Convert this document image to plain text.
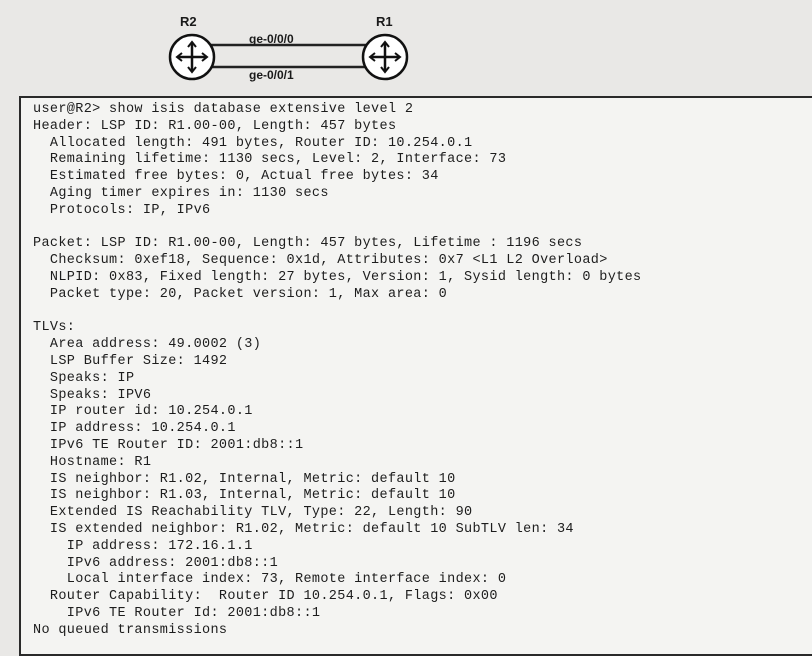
R2	R1
ge-0/0/0
ge-0/0/1
user@R2> show isis database extensive level 2
Header: LSP ID: R1.00-00, Length: 457 bytes
Allocated length: 491 bytes, Router ID: 10.254.0.1
Remaining lifetime: 1130 secs, Level: 2, Interface: 73
Estimated free bytes: 0, Actual free bytes: 34
Aging timer expires in: 1130 secs
Protocols: IP, IPv6
Packet: LSP ID: R1.00-00, Length: 457 bytes, Lifetime : 1196 secs
Checksum: 0xef18, Sequence: 0x1d, Attributes: 0x7 <L1 L2 Overload>
NLPID: 0x83, Fixed length: 27 bytes, Version: 1, Sysid length: 0 bytes
Packet type: 20, Packet version: 1, Max area: 0
TLVs:
Area address: 49.0002 (3)
LSP Buffer Size: 1492
Speaks: IP
Speaks: IPV6
IP router id: 10.254.0.1
IP address: 10.254.0.1
IPv6 TE Router ID: 2001:db8::1
Hostname: R1
IS neighbor: R1.02, Internal, Metric: default 10
IS neighbor: R1.03, Internal, Metric: default 10
Extended IS Reachability TLV, Type: 22, Length: 90
IS extended neighbor: R1.02, Metric: default 10 SubTLV len: 34
IP address: 172.16.1.1
IPv6 address: 2001:db8::1
Local interface index: 73, Remote interface index: 0
Router Capability:  Router ID 10.254.0.1, Flags: 0x00
IPv6 TE Router Id: 2001:db8::1
No queued transmissions
